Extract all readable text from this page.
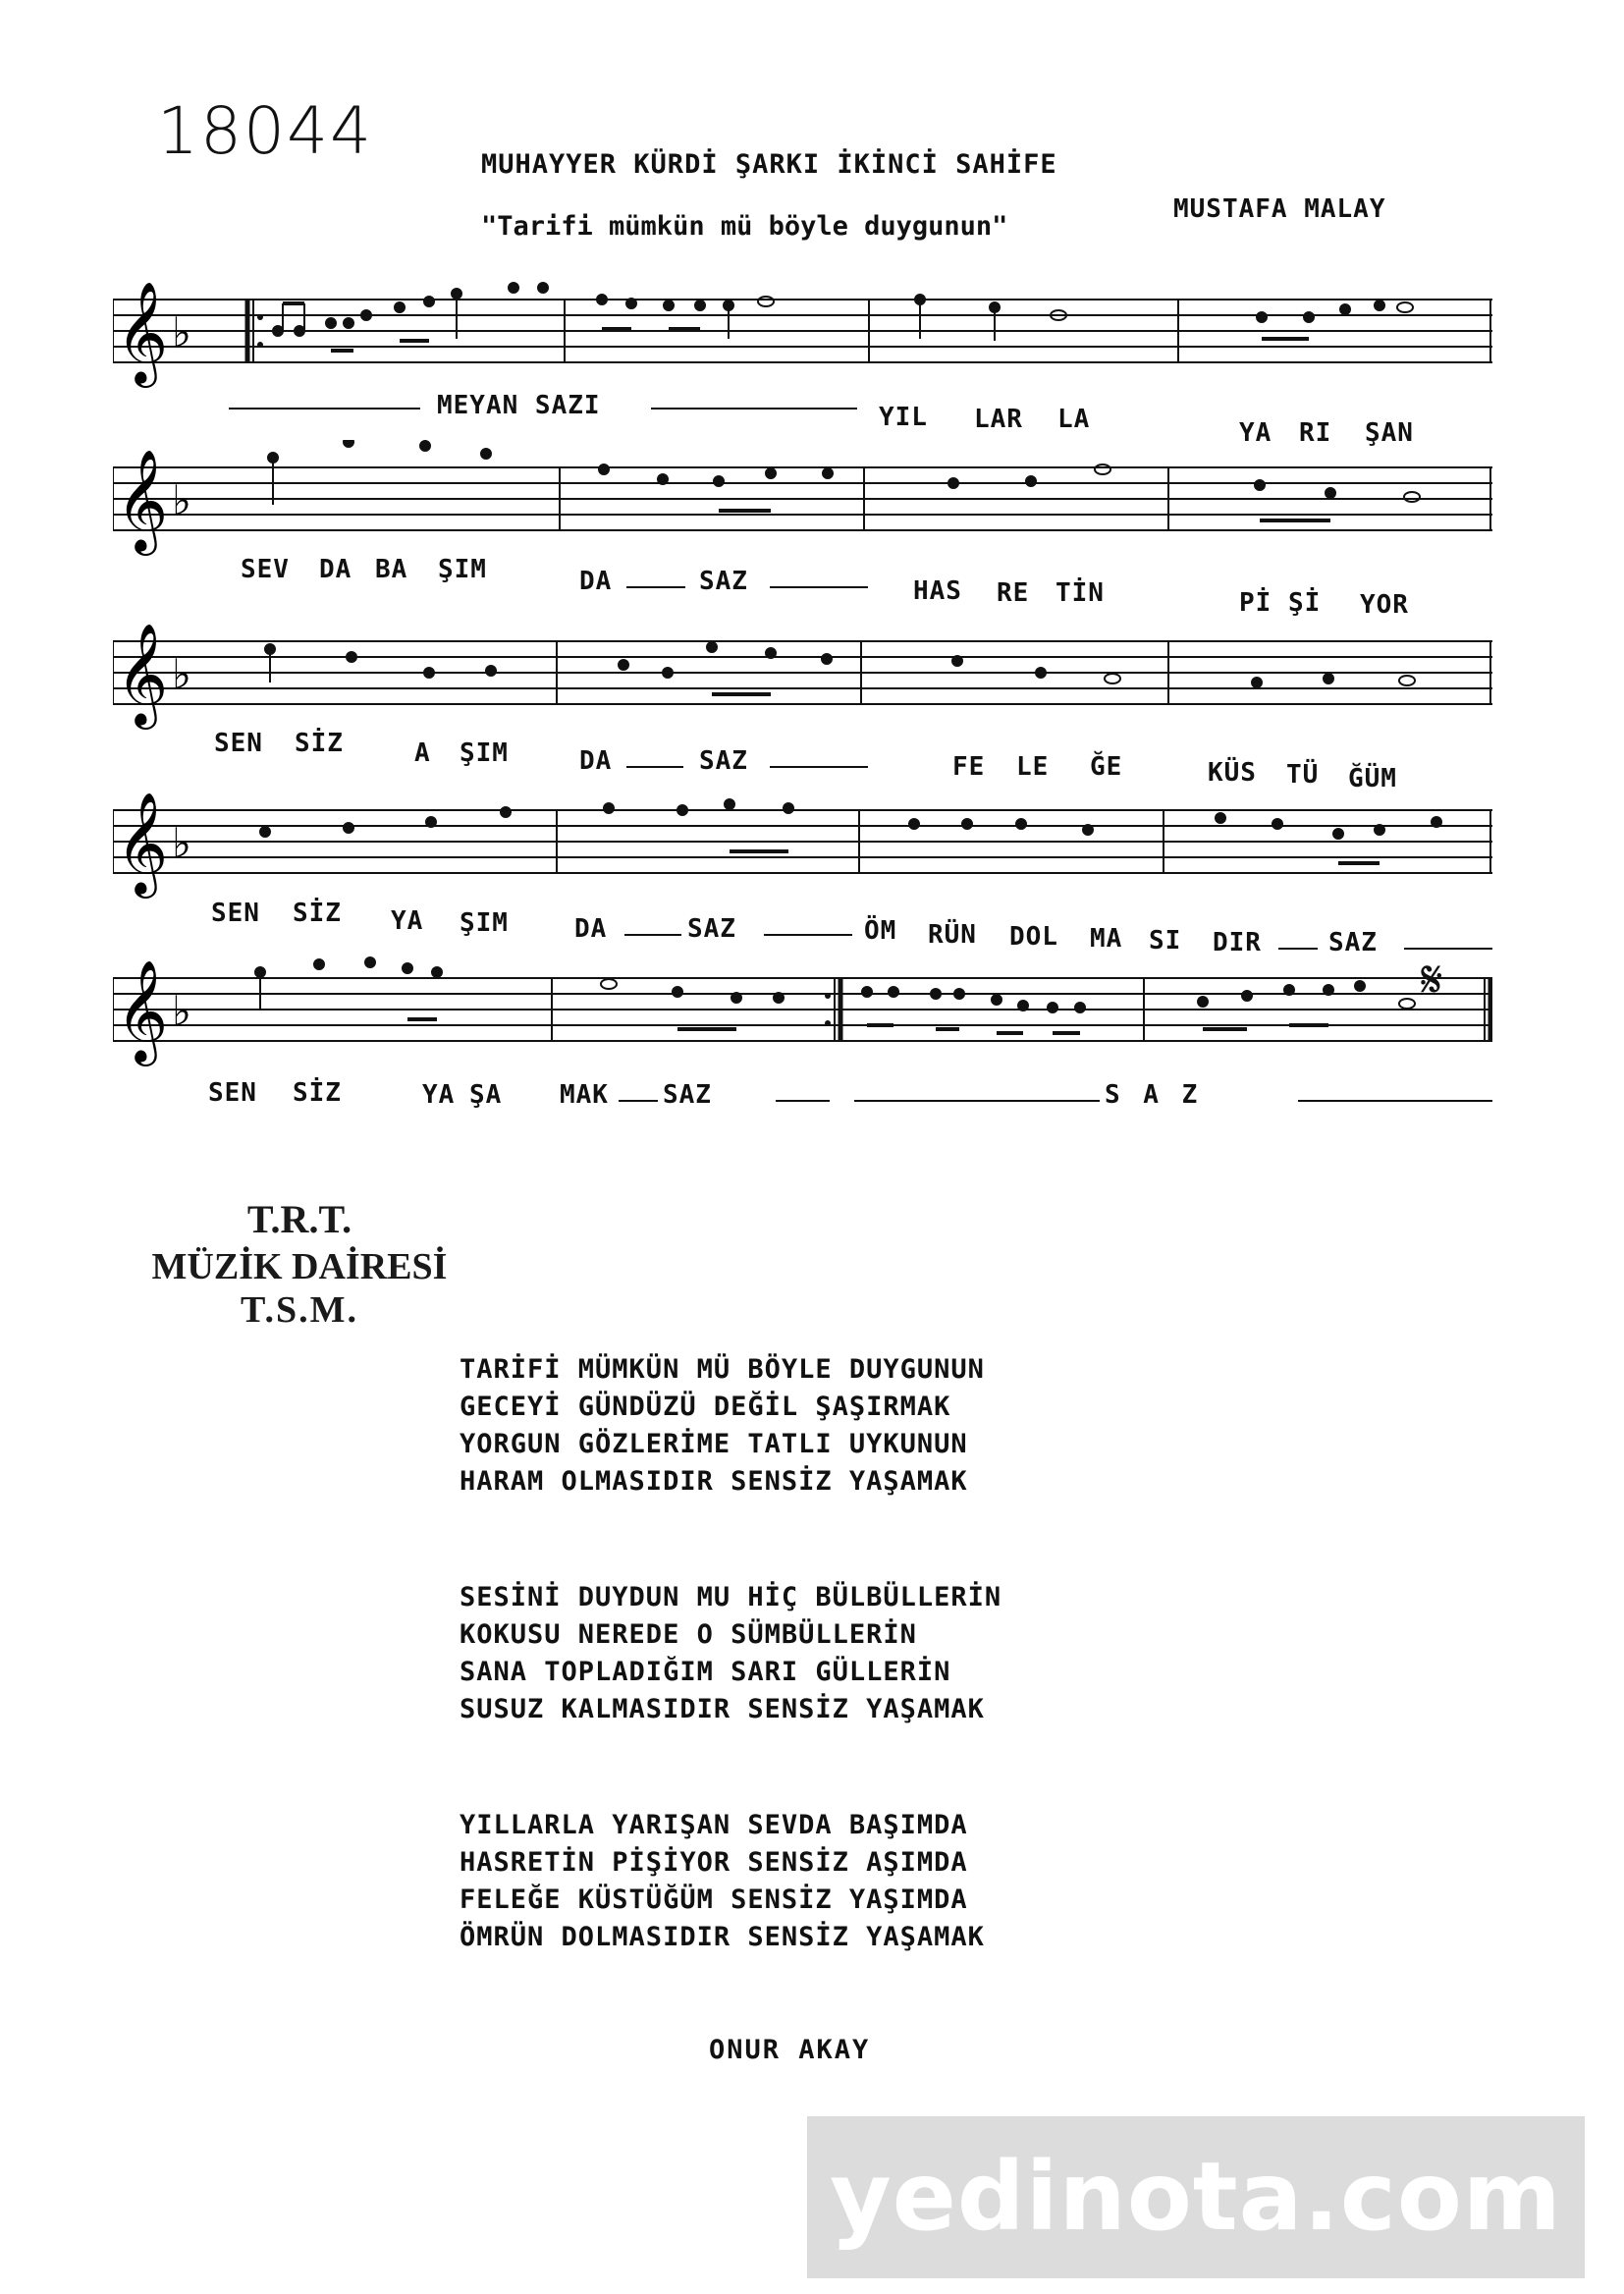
18044	MUHAYYER KÜRDİ ŞARKI İKİNCİ SAHİFE
"Tarifi mümkün mü böyle duygunun"
MUSTAFA MALAY
𝄞 ♭
MEYAN SAZI	YIL LAR LA	YA RI ŞAN
𝄞 ♭
SEV DA BA ŞIM	DA	SAZ	HAS RE TİN	Pİ Şİ YOR
𝄞 ♭
SEN SİZ	A ŞIM	DA	SAZ	FE LE ĞE	KÜS TÜ ĞÜM
𝄞 ♭
SEN SİZ YA ŞIM	DA	SAZ	ÖM RÜN DOL MA SI DIR	SAZ
𝄞 ♭
𝄋
SEN SİZ	YA ŞA MAK SAZ	S A Z
T.R.T.
MÜZİK DAİRESİ
T.S.M.
TARİFİ MÜMKÜN MÜ BÖYLE DUYGUNUN
GECEYİ GÜNDÜZÜ DEĞİL ŞAŞIRMAK
YORGUN GÖZLERİME TATLI UYKUNUN
HARAM OLMASIDIR SENSİZ YAŞAMAK
SESİNİ DUYDUN MU HİÇ BÜLBÜLLERİN
KOKUSU NEREDE O SÜMBÜLLERİN
SANA TOPLADIĞIM SARI GÜLLERİN
SUSUZ KALMASIDIR SENSİZ YAŞAMAK
YILLARLA YARIŞAN SEVDA BAŞIMDA
HASRETİN PİŞİYOR SENSİZ AŞIMDA
FELEĞE KÜSTÜĞÜM SENSİZ YAŞIMDA
ÖMRÜN DOLMASIDIR SENSİZ YAŞAMAK
ONUR AKAY
yedinota.com
